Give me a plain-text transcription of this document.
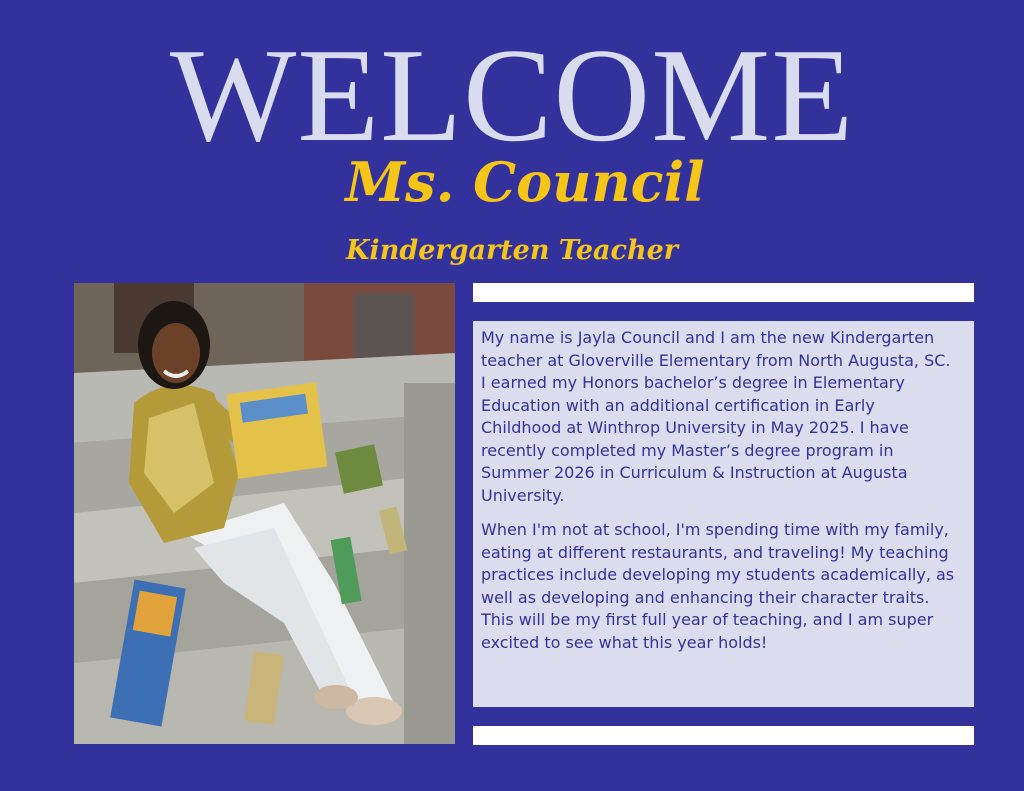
WELCOME
Ms. Council
Kindergarten Teacher

My name is Jayla Council and I am the new Kindergarten teacher at Gloverville Elementary from North Augusta, SC. I earned my Honors bachelor’s degree in Elementary Education with an additional certification in Early Childhood at Winthrop University in May 2025. I have recently completed my Master’s degree program in Summer 2026 in Curriculum & Instruction at Augusta University.

When I'm not at school, I'm spending time with my family, eating at different restaurants, and traveling! My teaching practices include developing my students academically, as well as developing and enhancing their character traits. This will be my first full year of teaching, and I am super excited to see what this year holds!
